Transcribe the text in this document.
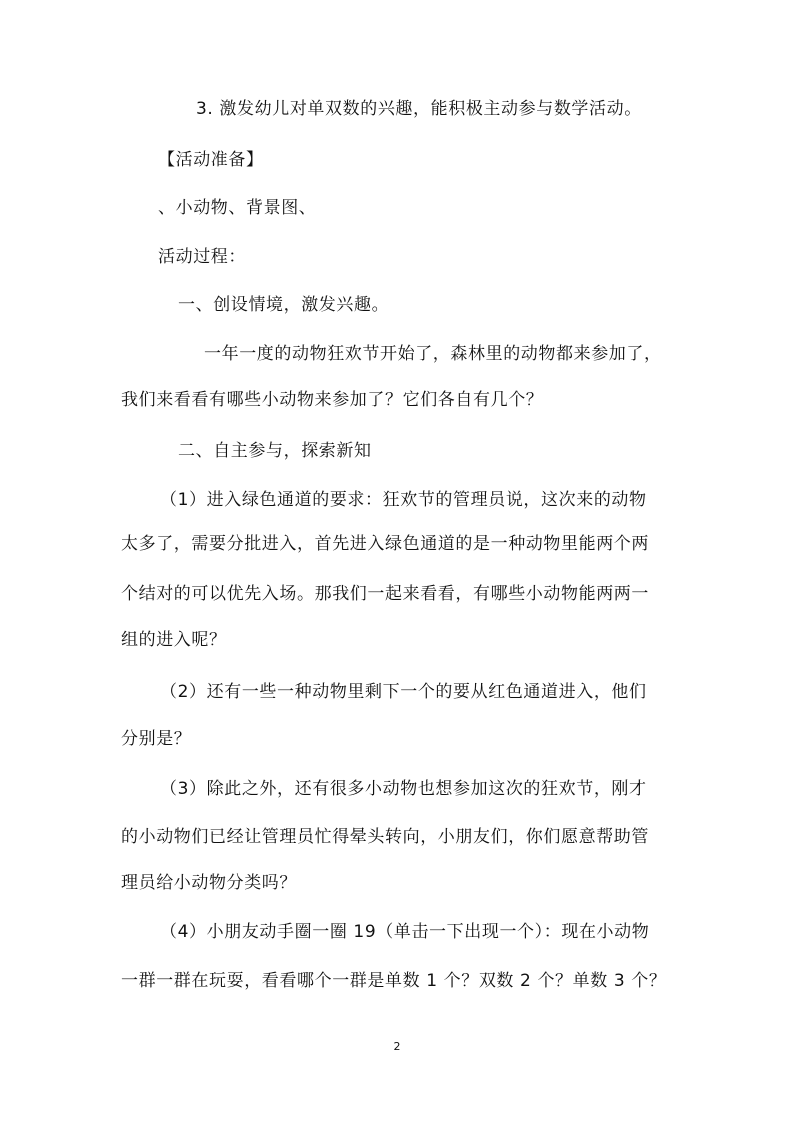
3. 激发幼儿对单双数的兴趣，能积极主动参与数学活动。
【活动准备】
、小动物、背景图、
活动过程：
一、创设情境，激发兴趣。
一年一度的动物狂欢节开始了，森林里的动物都来参加了，
我们来看看有哪些小动物来参加了？它们各自有几个？
二、自主参与，探索新知
（1）进入绿色通道的要求：狂欢节的管理员说，这次来的动物
太多了，需要分批进入，首先进入绿色通道的是一种动物里能两个两
个结对的可以优先入场。那我们一起来看看，有哪些小动物能两两一
组的进入呢？
（2）还有一些一种动物里剩下一个的要从红色通道进入，他们
分别是？
（3）除此之外，还有很多小动物也想参加这次的狂欢节，刚才
的小动物们已经让管理员忙得晕头转向，小朋友们，你们愿意帮助管
理员给小动物分类吗？
（4）小朋友动手圈一圈 19（单击一下出现一个）：现在小动物
一群一群在玩耍，看看哪个一群是单数 1 个？双数 2 个？单数 3 个？
2
